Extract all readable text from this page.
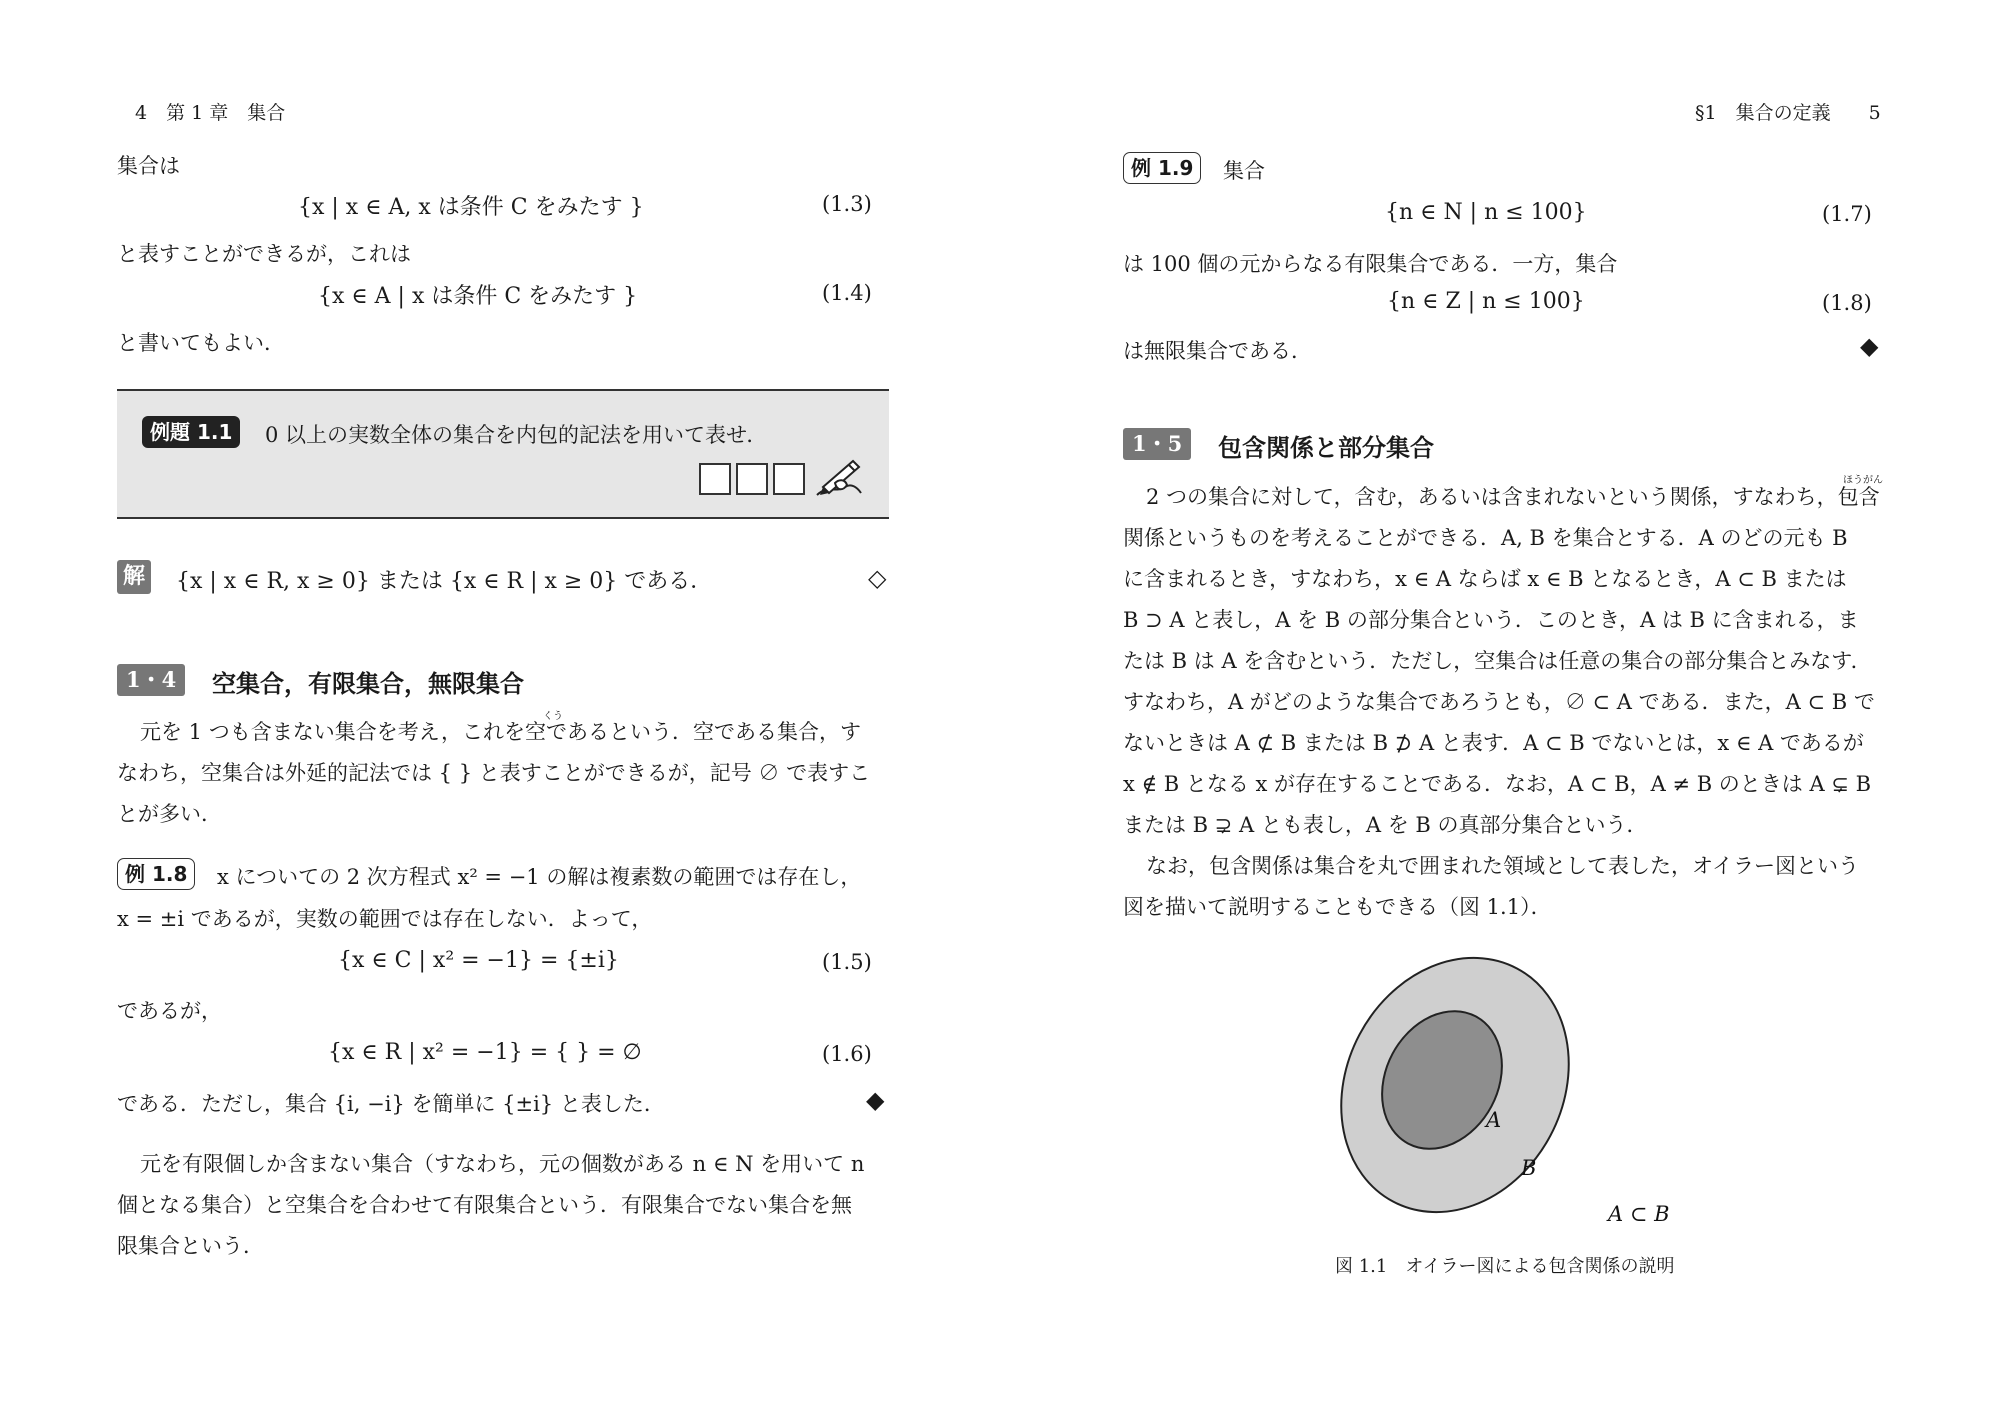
4　第 1 章　集合
集合は
{x | x ∈ A, x は条件 C をみたす }	(1.3)
と表すことができるが，これは
{x ∈ A | x は条件 C をみたす }	(1.4)
と書いてもよい．
例題 1.1	0 以上の実数全体の集合を内包的記法を用いて表せ．
解 {x | x ∈ R, x ≥ 0} または {x ∈ R | x ≥ 0} である．	◇
1・4	空集合，有限集合，無限集合
くう
元を 1 つも含まない集合を考え，これを空であるという．空である集合，す
なわち，空集合は外延的記法では { } と表すことができるが，記号 ∅ で表すこ
とが多い．
例 1.8	x についての 2 次方程式 x² = −1 の解は複素数の範囲では存在し，
x = ±i であるが，実数の範囲では存在しない．よって，
{x ∈ C | x² = −1} = {±i}	(1.5)
であるが，
{x ∈ R | x² = −1} = { } = ∅	(1.6)
である．ただし，集合 {i, −i} を簡単に {±i} と表した．	◆
元を有限個しか含まない集合（すなわち，元の個数がある n ∈ N を用いて n
個となる集合）と空集合を合わせて有限集合という．有限集合でない集合を無
限集合という．
§1　集合の定義　　5
例 1.9	集合
{n ∈ N | n ≤ 100}	(1.7)
は 100 個の元からなる有限集合である．一方，集合
{n ∈ Z | n ≤ 100}	(1.8)
は無限集合である．	◆
1・5	包含関係と部分集合
ほうがん
2 つの集合に対して，含む，あるいは含まれないという関係，すなわち，包含
関係というものを考えることができる．A, B を集合とする．A のどの元も B
に含まれるとき，すなわち，x ∈ A ならば x ∈ B となるとき，A ⊂ B または
B ⊃ A と表し，A を B の部分集合という．このとき，A は B に含まれる，ま
たは B は A を含むという．ただし，空集合は任意の集合の部分集合とみなす．
すなわち，A がどのような集合であろうとも，∅ ⊂ A である．また，A ⊂ B で
ないときは A ⊄ B または B ⊅ A と表す．A ⊂ B でないとは，x ∈ A であるが
x ∉ B となる x が存在することである．なお，A ⊂ B，A ≠ B のときは A ⊊ B
または B ⊋ A とも表し，A を B の真部分集合という．
なお，包含関係は集合を丸で囲まれた領域として表した，オイラー図という
図を描いて説明することもできる（図 1.1）．
A
B
A ⊂ B
図 1.1　オイラー図による包含関係の説明
